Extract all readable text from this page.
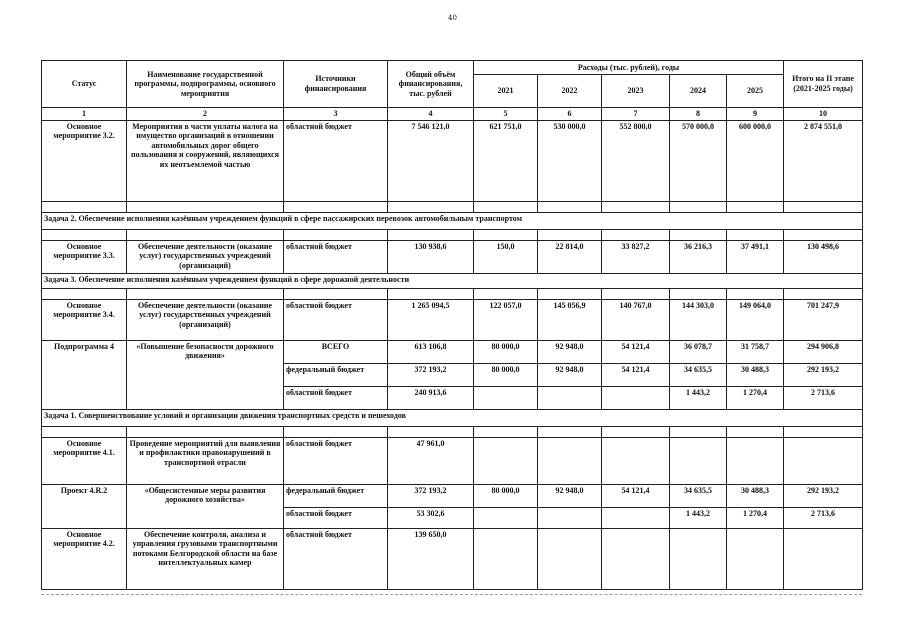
40
Статус	Наименование государственной программы, подпрограммы, основного мероприятия	Источники финансирования	Общий объём финансирования, тыс. рублей	Расходы (тыс. рублей), годы					Итого на II этапе (2021-2025 годы)
				2021	2022	2023	2024	2025	
1	2	3	4	5	6	7	8	9	10
Основное мероприятие 3.2.	Мероприятия в части уплаты налога на имущество организаций в отношении автомобильных дорог общего пользования и сооружений, являющихся их неотъемлемой частью	областной бюджет	7 546 121,0	621 751,0	530 000,0	552 800,0	570 000,0	600 000,0	2 874 551,0

Задача 2. Обеспечение исполнения казённым учреждением функций в сфере пассажирских перевозок автомобильным транспортом									

Основное мероприятие 3.3.	Обеспечение деятельности (оказание услуг) государственных учреждений (организаций)	областной бюджет	130 938,6	150,0	22 814,0	33 827,2	36 216,3	37 491,1	130 498,6
Задача 3. Обеспечение исполнения казённым учреждением функций в сфере дорожной деятельности									

Основное мероприятие 3.4.	Обеспечение деятельности (оказание услуг) государственных учреждений (организаций)	областной бюджет	1 265 094,5	122 057,0	145 056,9	140 767,0	144 303,0	149 064,0	701 247,9
Подпрограмма 4	«Повышение безопасности дорожного движения»	ВСЕГО	613 106,8	80 000,0	92 948,0	54 121,4	36 078,7	31 758,7	294 906,8
		федеральный бюджет	372 193,2	80 000,0	92 948,0	54 121,4	34 635,5	30 488,3	292 193,2
		областной бюджет	240 913,6				1 443,2	1 270,4	2 713,6
Задача 1. Совершенствование условий и организации движения транспортных средств и пешеходов									

Основное мероприятие 4.1.	Проведение мероприятий для выявления и профилактики правонарушений в транспортной отрасли	областной бюджет	47 961,0						
Проект 4.R.2	«Общесистемные меры развития дорожного хозяйства»	федеральный бюджет	372 193,2	80 000,0	92 948,0	54 121,4	34 635,5	30 488,3	292 193,2
		областной бюджет	53 302,6				1 443,2	1 270,4	2 713,6
Основное мероприятие 4.2.	Обеспечение контроля, анализа и управления грузовыми транспортными потоками Белгородской области на базе интеллектуальных камер	областной бюджет	139 650,0						
